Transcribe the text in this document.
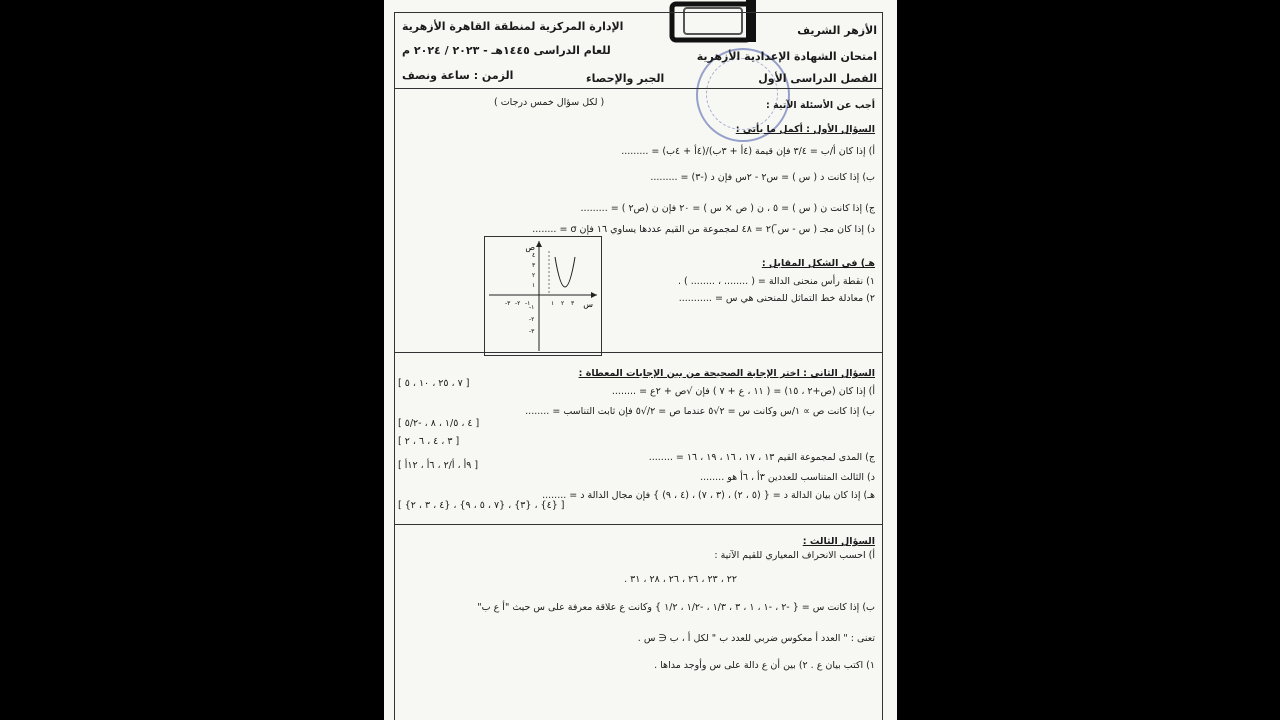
الأزهر الشريف
امتحان الشهادة الإعدادية الأزهرية
الفصل الدراسى الأول
الإدارة المركزية لمنطقة القاهرة الأزهرية
للعام الدراسى ١٤٤٥هـ - ٢٠٢٣ / ٢٠٢٤ م
الزمن : ساعة ونصف	الجبر والإحصاء
أجب عن الأسئلة الآتية :
( لكل سؤال خمس درجات )
السؤال الأول : أكمل ما يأتي :
أ) إذا كان أ/ب = ٣/٤ فإن قيمة (٤أ + ٣ب)/(٤أ + ٤ب) = .........
ب) إذا كانت د ( س ) = س٢ - ٢س فإن د (-٣) = .........
ج) إذا كانت ن ( س ) = ٥ ، ن ( ص × س ) = ٢٠ فإن ن (ص٢ ) = .........
د) إذا كان مجـ ( س - س̄ )٢ = ٤٨ لمجموعة من القيم عددها يساوي ١٦ فإن σ = ........
هـ) في الشكل المقابل :
١) نقطة رأس منحنى الدالة = ( ........ ، ........ ) .
٢) معادلة خط التماثل للمنحنى هي س = ...........
ص
س
١ ٢ ٣
-١
-٢
-٣
١
٢
٣
٤
-١
-٢
-٣
السؤال الثاني : اختر الإجابة الصحيحة من بين الإجابات المعطاة :
أ) إذا كان (ص+٢ ، ١٥) = ( ١١ ، ع + ٧ ) فإن √ص + ٢ع = ........
[ ٧ ، ٢٥ ، ١٠ ، ٥ ]
ب) إذا كانت ص ∝ ١/س وكانت س = ٢√٥ عندما ص = ٢/√٥ فإن ثابت التناسب = ........
[ ٤ ، ١/٥ ، ٨ ، -٥/٢ ]
[ ٣ ، ٤ ، ٦ ، ٢ ]
ج) المدى لمجموعة القيم ١٣ ، ١٧ ، ١٦ ، ١٩ ، ١٦ = ........
[ ٩أ ، أ/٢ ، ٦أ ، ١٢أ ]
د) الثالث المتناسب للعددين ٣أ ، ٦أ هو ........
هـ) إذا كان بيان الدالة د = { (٥ ، ٢) ، (٣ ، ٧) ، (٤ ، ٩) } فإن مجال الدالة د = ........
[ {٤} ، {٣} ، {٧ ، ٥ ، ٩} ، {٤ ، ٣ ، ٢} ]
السؤال الثالث :
أ) احسب الانحراف المعياري للقيم الآتية :
٢٢ ، ٢٣ ، ٢٦ ، ٢٦ ، ٢٨ ، ٣١ .
ب) إذا كانت س = { -٢ ، -١ ، ١ ، ٣ ، ١/٣ ، -١/٢ ، ١/٢ } وكانت ع علاقة معرفة على س حيث "أ ع ب"
تعنى : " العدد أ معكوس ضربي للعدد ب " لكل أ ، ب ∈ س .
١) اكتب بيان ع . ٢) بين أن ع دالة على س وأوجد مداها .
